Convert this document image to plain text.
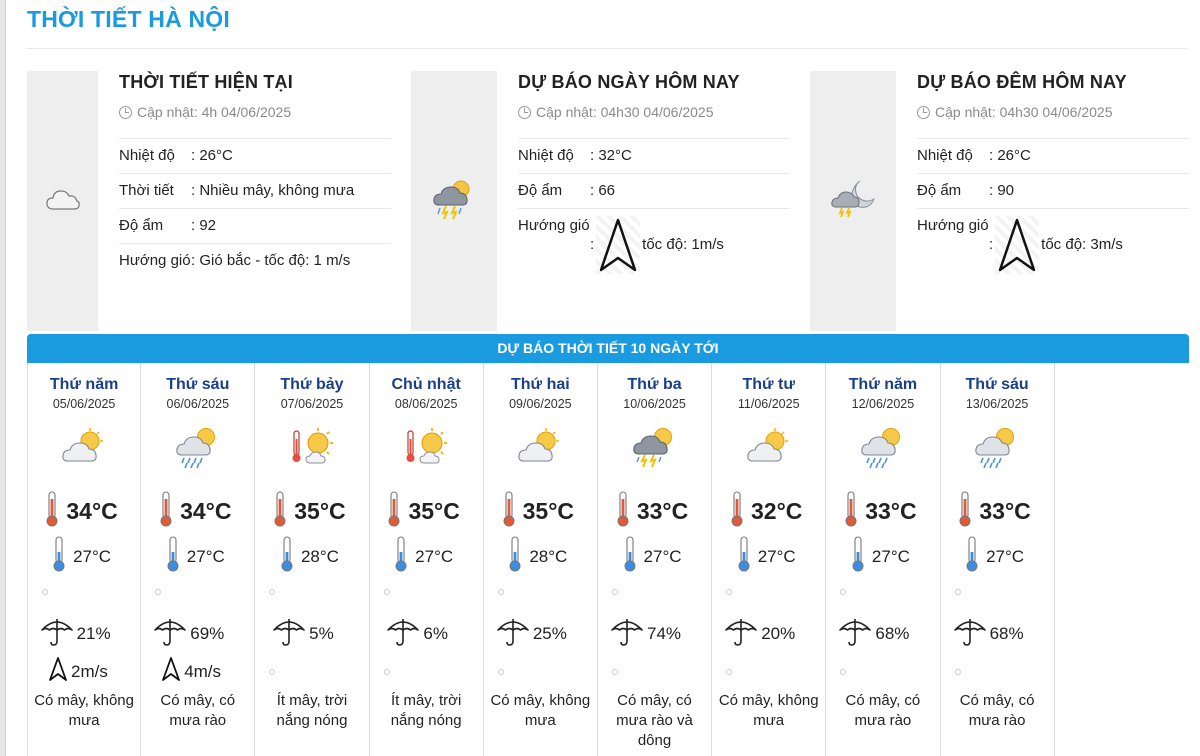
THỜI TIẾT HÀ NỘI
THỜI TIẾT HIỆN TẠI
Cập nhật: 4h 04/06/2025
Nhiệt độ	: 26°C
Thời tiết	: Nhiều mây, không mưa
Độ ẩm	: 92
Hướng gió : Gió bắc - tốc độ: 1 m/s
DỰ BÁO NGÀY HÔM NAY
Cập nhật: 04h30 04/06/2025
Nhiệt độ	: 32°C
Độ ẩm	: 66
Hướng gió
:	tốc độ: 1m/s
DỰ BÁO ĐÊM HÔM NAY
Cập nhật: 04h30 04/06/2025
Nhiệt độ	: 26°C
Độ ẩm	: 90
Hướng gió
:	tốc độ: 3m/s
DỰ BÁO THỜI TIẾT 10 NGÀY TỚI
Thứ năm
05/06/2025
34°C
27°C
21%
2m/s
Có mây, không mưa
Thứ sáu
06/06/2025
34°C
27°C
69%
4m/s
Có mây, có mưa rào
Thứ bảy
07/06/2025
35°C
28°C
5%
Ít mây, trời nắng nóng
Chủ nhật
08/06/2025
35°C
27°C
6%
Ít mây, trời nắng nóng
Thứ hai
09/06/2025
35°C
28°C
25%
Có mây, không mưa
Thứ ba
10/06/2025
33°C
27°C
74%
Có mây, có mưa rào và dông
Thứ tư
11/06/2025
32°C
27°C
20%
Có mây, không mưa
Thứ năm
12/06/2025
33°C
27°C
68%
Có mây, có mưa rào
Thứ sáu
13/06/2025
33°C
27°C
68%
Có mây, có mưa rào
